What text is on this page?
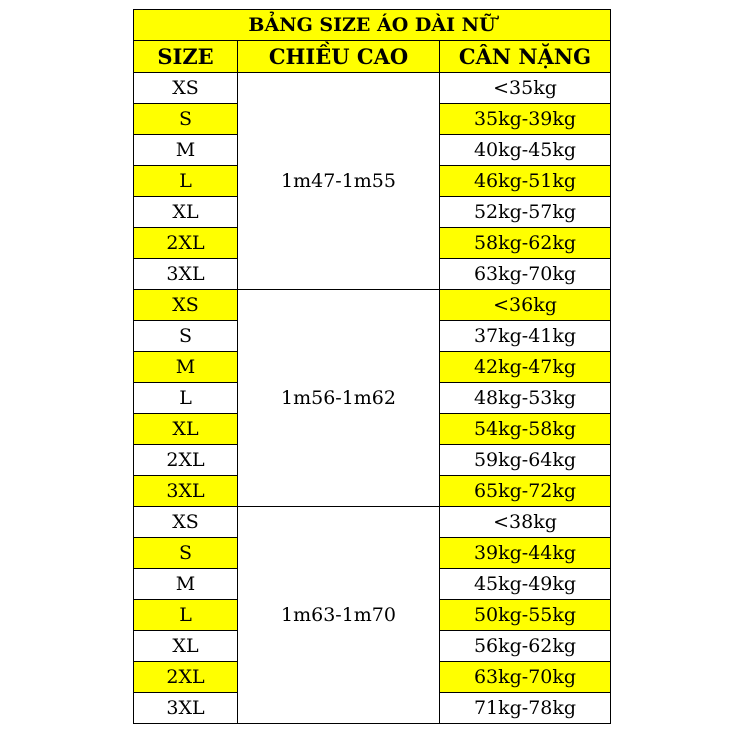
BẢNG SIZE ÁO DÀI NỮ		
SIZE	CHIỀU CAO	CÂN NẶNG
XS	1m47-1m55	<35kg
S		35kg-39kg
M		40kg-45kg
L		46kg-51kg
XL		52kg-57kg
2XL		58kg-62kg
3XL		63kg-70kg
XS	1m56-1m62	<36kg
S		37kg-41kg
M		42kg-47kg
L		48kg-53kg
XL		54kg-58kg
2XL		59kg-64kg
3XL		65kg-72kg
XS	1m63-1m70	<38kg
S		39kg-44kg
M		45kg-49kg
L		50kg-55kg
XL		56kg-62kg
2XL		63kg-70kg
3XL		71kg-78kg
